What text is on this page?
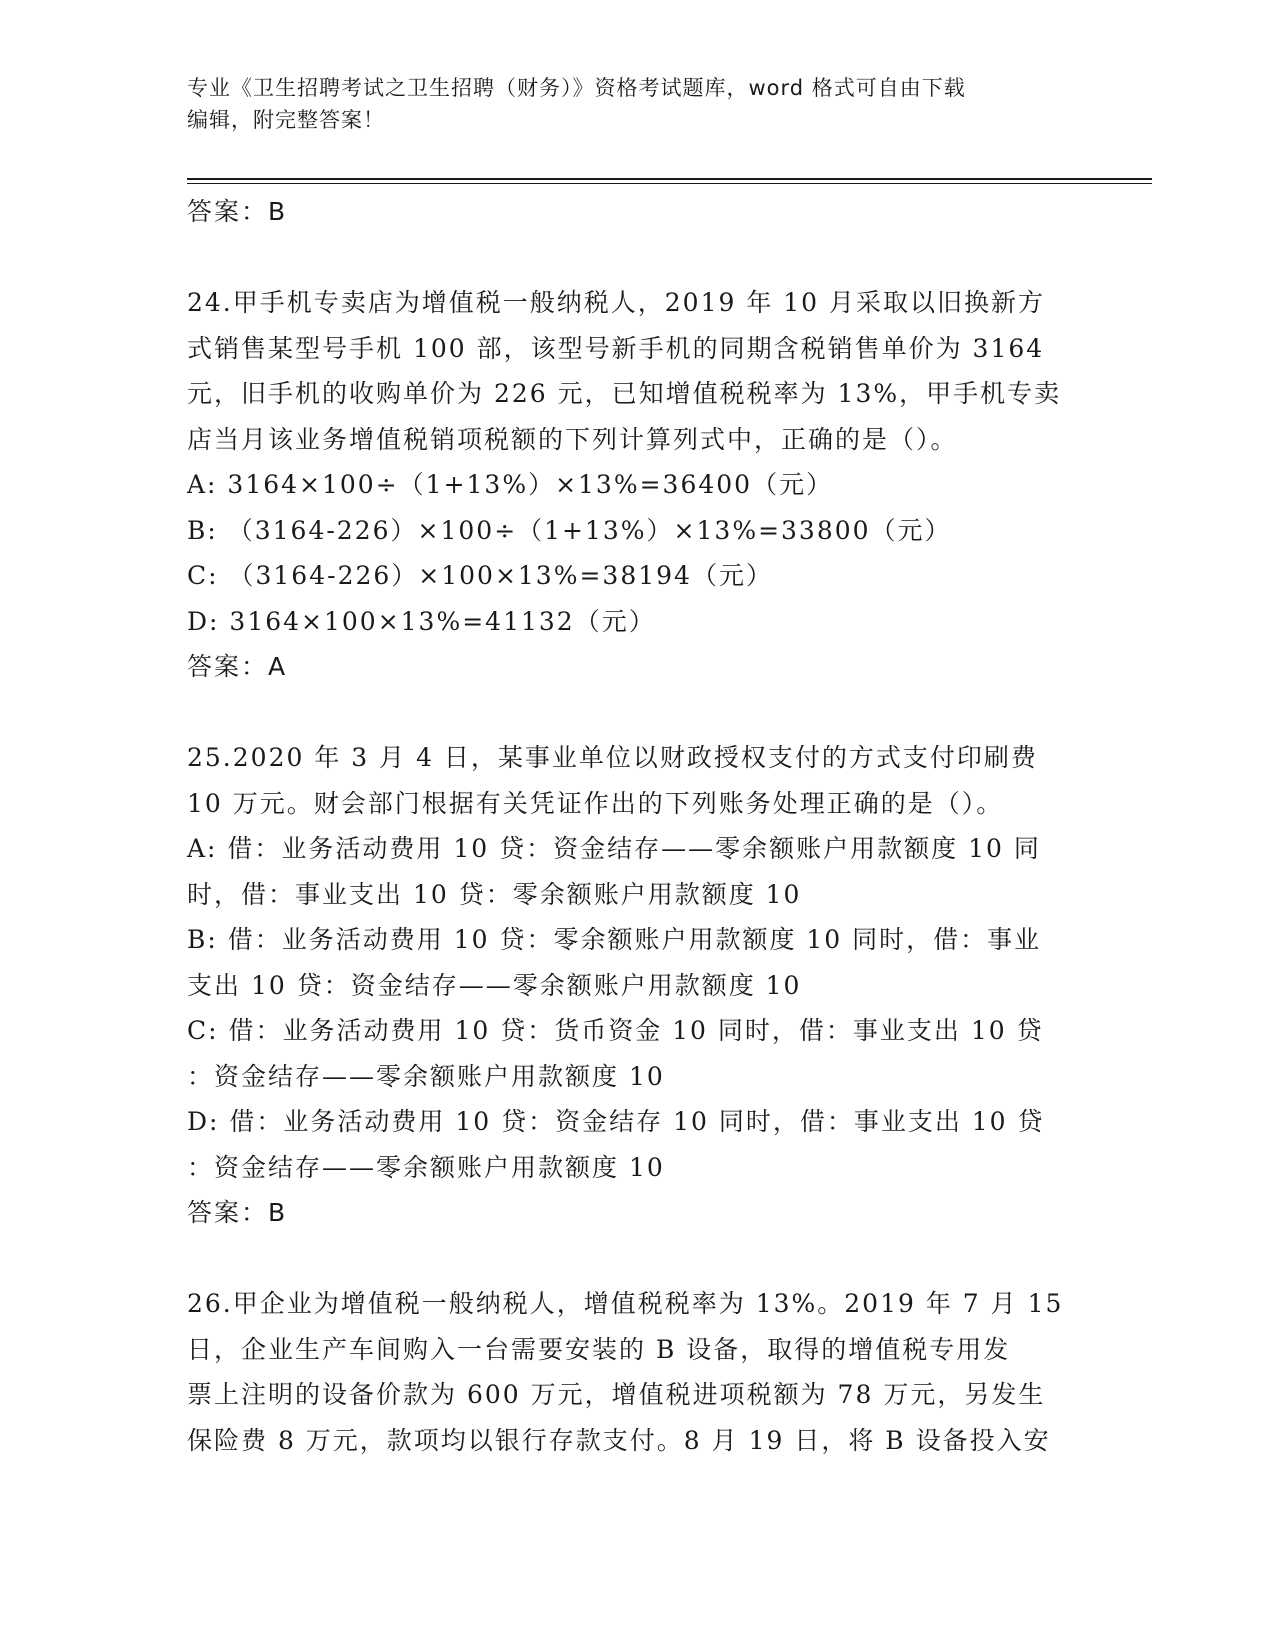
专业《卫生招聘考试之卫生招聘（财务）》资格考试题库，word 格式可自由下载
编辑，附完整答案！
答案：B
24.甲手机专卖店为增值税一般纳税人，2019 年 10 月采取以旧换新方
式销售某型号手机 100 部，该型号新手机的同期含税销售单价为 3164
元，旧手机的收购单价为 226 元，已知增值税税率为 13%，甲手机专卖
店当月该业务增值税销项税额的下列计算列式中，正确的是（）。
A: 3164×100÷（1+13%）×13%=36400（元）
B: （3164-226）×100÷（1+13%）×13%=33800（元）
C: （3164-226）×100×13%=38194（元）
D: 3164×100×13%=41132（元）
答案：A
25.2020 年 3 月 4 日，某事业单位以财政授权支付的方式支付印刷费
10 万元。财会部门根据有关凭证作出的下列账务处理正确的是（）。
A: 借：业务活动费用 10 贷：资金结存——零余额账户用款额度 10 同
时，借：事业支出 10 贷：零余额账户用款额度 10
B: 借：业务活动费用 10 贷：零余额账户用款额度 10 同时，借：事业
支出 10 贷：资金结存——零余额账户用款额度 10
C: 借：业务活动费用 10 贷：货币资金 10 同时，借：事业支出 10 贷
：资金结存——零余额账户用款额度 10
D: 借：业务活动费用 10 贷：资金结存 10 同时，借：事业支出 10 贷
：资金结存——零余额账户用款额度 10
答案：B
26.甲企业为增值税一般纳税人，增值税税率为 13%。2019 年 7 月 15
日，企业生产车间购入一台需要安装的 B 设备，取得的增值税专用发
票上注明的设备价款为 600 万元，增值税进项税额为 78 万元，另发生
保险费 8 万元，款项均以银行存款支付。8 月 19 日，将 B 设备投入安
